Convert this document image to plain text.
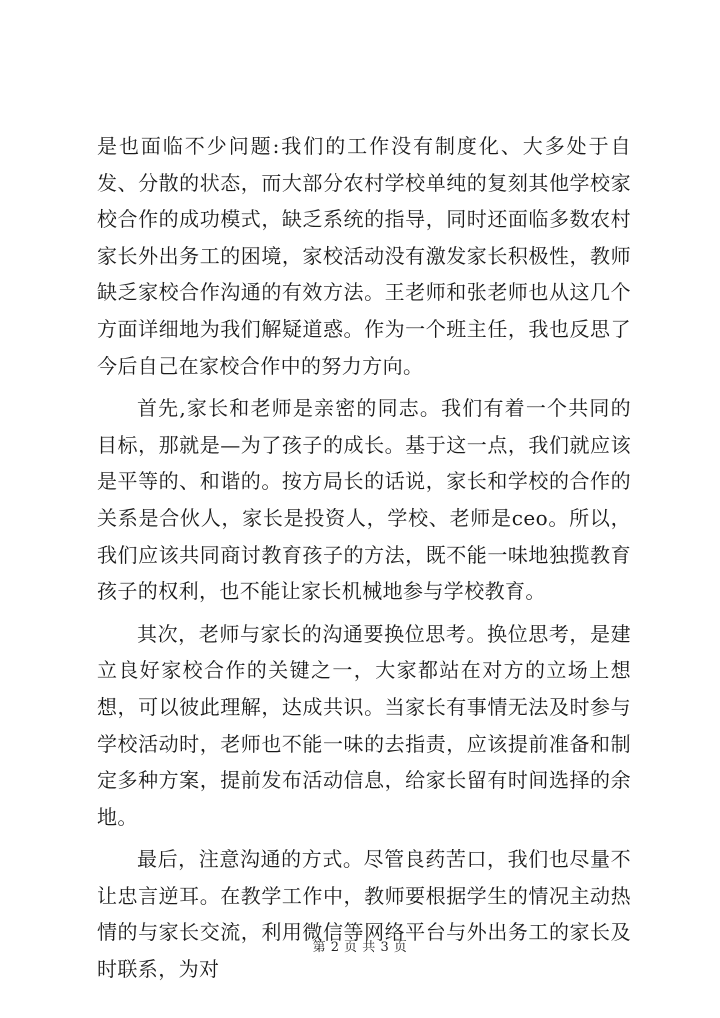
是也面临不少问题:我们的工作没有制度化、大多处于自发、分散的状态，而大部分农村学校单纯的复刻其他学校家校合作的成功模式，缺乏系统的指导，同时还面临多数农村家长外出务工的困境，家校活动没有激发家长积极性，教师缺乏家校合作沟通的有效方法。王老师和张老师也从这几个方面详细地为我们解疑道惑。作为一个班主任，我也反思了今后自己在家校合作中的努力方向。

首先,家长和老师是亲密的同志。我们有着一个共同的目标，那就是—为了孩子的成长。基于这一点，我们就应该是平等的、和谐的。按方局长的话说，家长和学校的合作的关系是合伙人，家长是投资人，学校、老师是ceo。所以，我们应该共同商讨教育孩子的方法，既不能一味地独揽教育孩子的权利，也不能让家长机械地参与学校教育。

其次，老师与家长的沟通要换位思考。换位思考，是建立良好家校合作的关键之一，大家都站在对方的立场上想想，可以彼此理解，达成共识。当家长有事情无法及时参与学校活动时，老师也不能一味的去指责，应该提前准备和制定多种方案，提前发布活动信息，给家长留有时间选择的余地。

最后，注意沟通的方式。尽管良药苦口，我们也尽量不让忠言逆耳。在教学工作中，教师要根据学生的情况主动热情的与家长交流，利用微信等网络平台与外出务工的家长及时联系，为对

第 2 页 共 3 页
